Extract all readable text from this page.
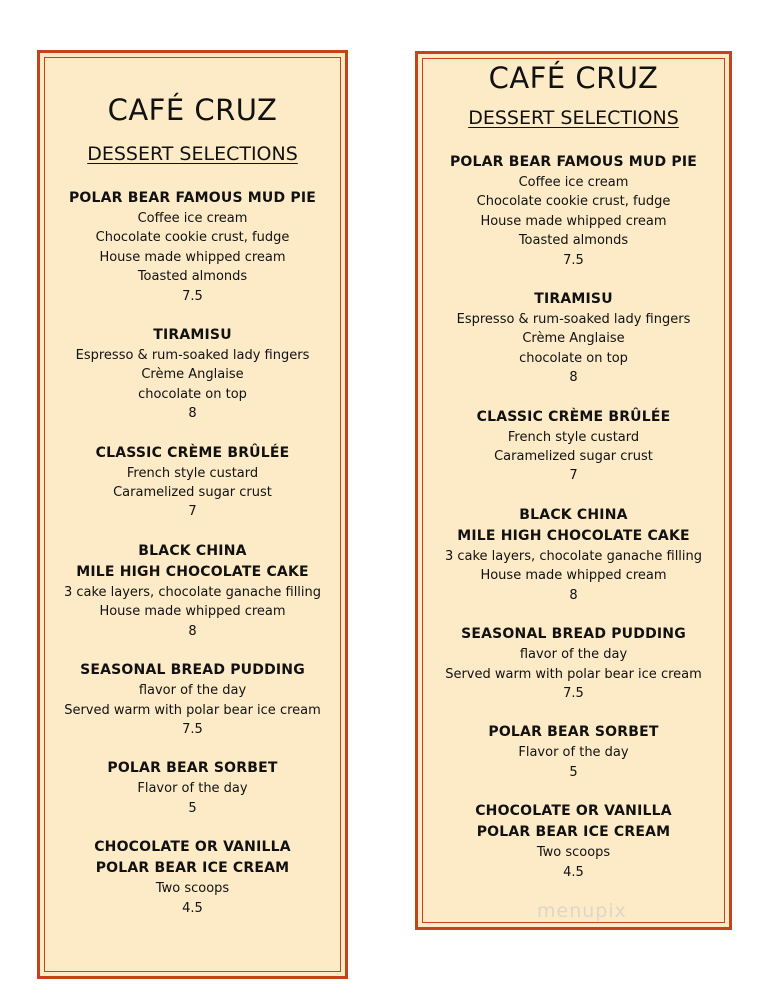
CAFÉ CRUZ
DESSERT SELECTIONS
POLAR BEAR FAMOUS MUD PIE
Coffee ice cream
Chocolate cookie crust, fudge
House made whipped cream
Toasted almonds
7.5
TIRAMISU
Espresso & rum-soaked lady fingers
Crème Anglaise
chocolate on top
8
CLASSIC CRÈME BRÛLÉE
French style custard
Caramelized sugar crust
7
BLACK CHINA
MILE HIGH CHOCOLATE CAKE
3 cake layers, chocolate ganache filling
House made whipped cream
8
SEASONAL BREAD PUDDING
flavor of the day
Served warm with polar bear ice cream
7.5
POLAR BEAR SORBET
Flavor of the day
5
CHOCOLATE OR VANILLA
POLAR BEAR ICE CREAM
Two scoops
4.5
CAFÉ CRUZ
DESSERT SELECTIONS
POLAR BEAR FAMOUS MUD PIE
Coffee ice cream
Chocolate cookie crust, fudge
House made whipped cream
Toasted almonds
7.5
TIRAMISU
Espresso & rum-soaked lady fingers
Crème Anglaise
chocolate on top
8
CLASSIC CRÈME BRÛLÉE
French style custard
Caramelized sugar crust
7
BLACK CHINA
MILE HIGH CHOCOLATE CAKE
3 cake layers, chocolate ganache filling
House made whipped cream
8
SEASONAL BREAD PUDDING
flavor of the day
Served warm with polar bear ice cream
7.5
POLAR BEAR SORBET
Flavor of the day
5
CHOCOLATE OR VANILLA
POLAR BEAR ICE CREAM
Two scoops
4.5
menupix
